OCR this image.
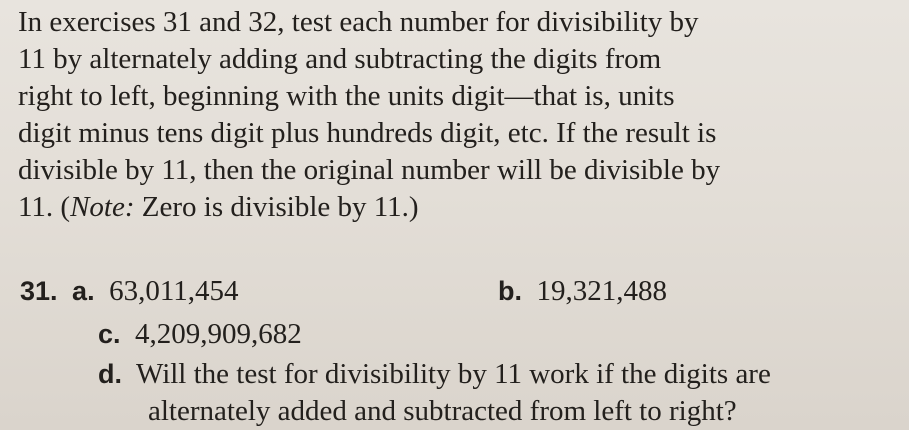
In exercises 31 and 32, test each number for divisibility by
11 by alternately adding and subtracting the digits from
right to left, beginning with the units digit—that is, units
digit minus tens digit plus hundreds digit, etc. If the result is
divisible by 11, then the original number will be divisible by
11. (Note: Zero is divisible by 11.)
31. a. 63,011,454	b. 19,321,488
c. 4,209,909,682
d. Will the test for divisibility by 11 work if the digits are
alternately added and subtracted from left to right?
